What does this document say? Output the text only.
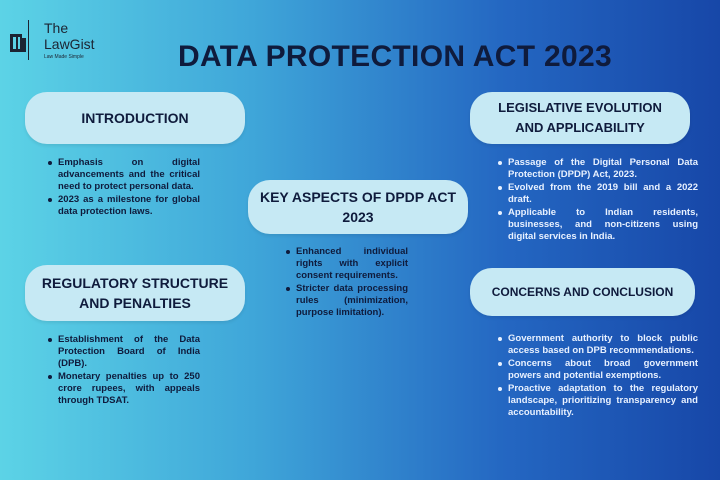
The
LawGist
Law Made Simple	DATA PROTECTION ACT 2023
INTRODUCTION
Emphasis on digital advancements and the critical need to protect personal data.
2023 as a milestone for global data protection laws.
REGULATORY STRUCTURE
AND PENALTIES
Establishment of the Data Protection Board of India (DPB).
Monetary penalties up to 250 crore rupees, with appeals through TDSAT.
KEY ASPECTS OF DPDP ACT
2023
Enhanced individual rights with explicit consent requirements.
Stricter data processing rules (minimization, purpose limitation).
LEGISLATIVE EVOLUTION
AND APPLICABILITY
Passage of the Digital Personal Data Protection (DPDP) Act, 2023.
Evolved from the 2019 bill and a 2022 draft.
Applicable to Indian residents, businesses, and non-citizens using digital services in India.
CONCERNS AND CONCLUSION
Government authority to block public access based on DPB recommendations.
Concerns about broad government powers and potential exemptions.
Proactive adaptation to the regulatory landscape, prioritizing transparency and accountability.
